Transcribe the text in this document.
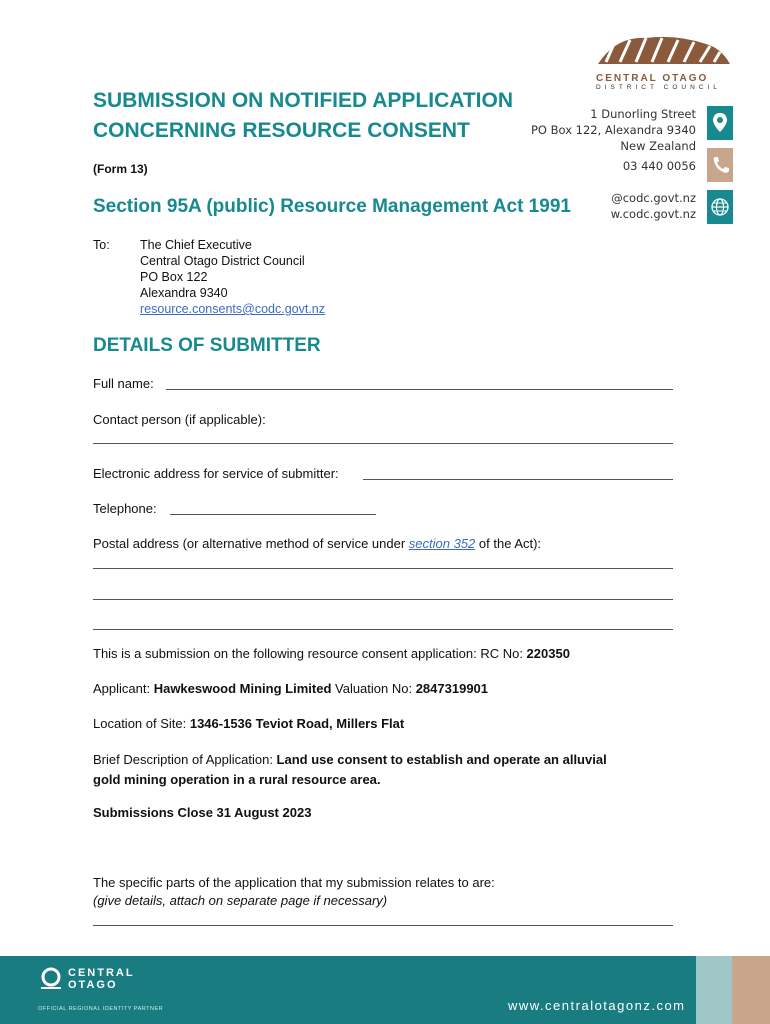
CENTRAL OTAGO
DISTRICT COUNCIL
SUBMISSION ON NOTIFIED APPLICATION
CONCERNING RESOURCE CONSENT
(Form 13)
1 Dunorling Street
PO Box 122, Alexandra 9340
New Zealand
03 440 0056
@codc.govt.nz
w.codc.govt.nz
Section 95A (public) Resource Management Act 1991
To: The Chief Executive
Central Otago District Council
PO Box 122
Alexandra 9340
resource.consents@codc.govt.nz
DETAILS OF SUBMITTER
Full name:
Contact person (if applicable):
Electronic address for service of submitter:
Telephone:
Postal address (or alternative method of service under section 352 of the Act):
This is a submission on the following resource consent application: RC No: 220350
Applicant: Hawkeswood Mining Limited Valuation No: 2847319901
Location of Site: 1346-1536 Teviot Road, Millers Flat
Brief Description of Application: Land use consent to establish and operate an alluvial
gold mining operation in a rural resource area.
Submissions Close 31 August 2023
The specific parts of the application that my submission relates to are:
(give details, attach on separate page if necessary)
CENTRAL
OTAGO
OFFICIAL REGIONAL IDENTITY PARTNER	www.centralotagonz.com
